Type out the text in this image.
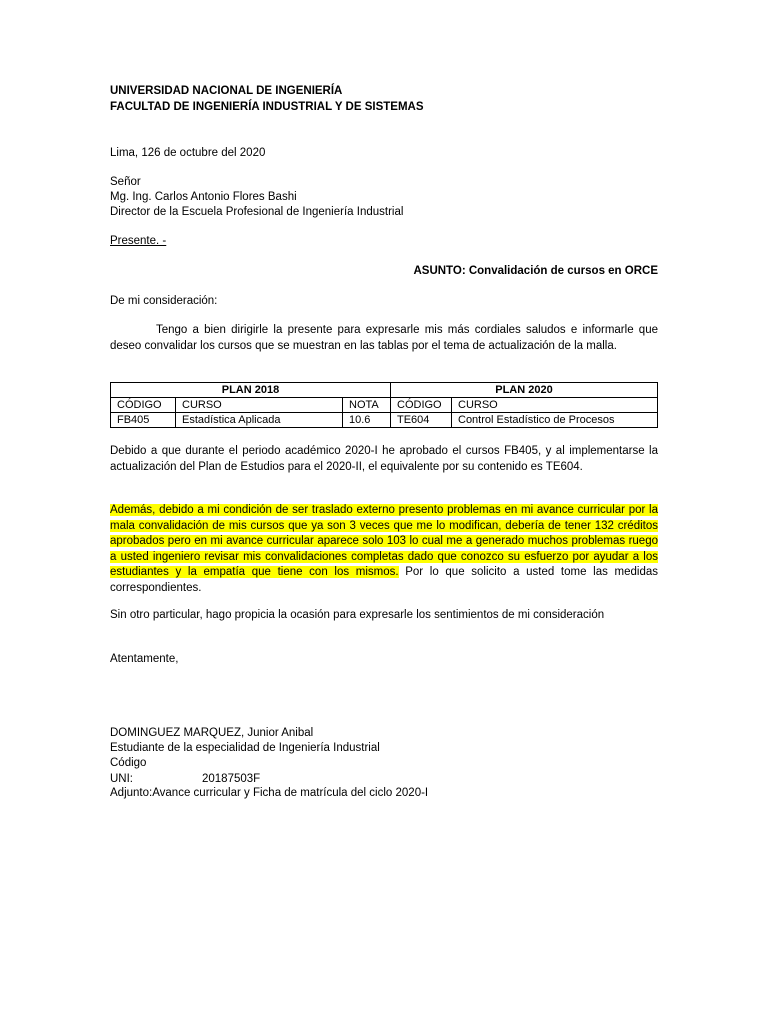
UNIVERSIDAD NACIONAL DE INGENIERÍA
FACULTAD DE INGENIERÍA INDUSTRIAL Y DE SISTEMAS
Lima, 126 de octubre del 2020
Señor
Mg. Ing. Carlos Antonio Flores Bashi
Director de la Escuela Profesional de Ingeniería Industrial
Presente. -
ASUNTO: Convalidación de cursos en ORCE
De mi consideración:
Tengo a bien dirigirle la presente para expresarle mis más cordiales saludos e informarle que deseo convalidar los cursos que se muestran en las tablas por el tema de actualización de la malla.
PLAN 2018			PLAN 2020	
CÓDIGO	CURSO	NOTA	CÓDIGO	CURSO
FB405	Estadística Aplicada	10.6	TE604	Control Estadístico de Procesos
Debido a que durante el periodo académico 2020-I he aprobado el cursos FB405, y al implementarse la actualización del Plan de Estudios para el 2020-II, el equivalente por su contenido es TE604.
Además, debido a mi condición de ser traslado externo presento problemas en mi avance curricular por la mala convalidación de mis cursos que ya son 3 veces que me lo modifican, debería de tener 132 créditos aprobados pero en mi avance curricular aparece solo 103 lo cual me a generado muchos problemas ruego a usted ingeniero revisar mis convalidaciones completas dado que conozco su esfuerzo por ayudar a los estudiantes y la empatía que tiene con los mismos. Por lo que solicito a usted tome las medidas correspondientes.
Sin otro particular, hago propicia la ocasión para expresarle los sentimientos de mi consideración
Atentamente,
DOMINGUEZ MARQUEZ, Junior Anibal
Estudiante de la especialidad de Ingeniería Industrial
Código UNI:	20187503F
Adjunto:Avance curricular y Ficha de matrícula del ciclo 2020-I
